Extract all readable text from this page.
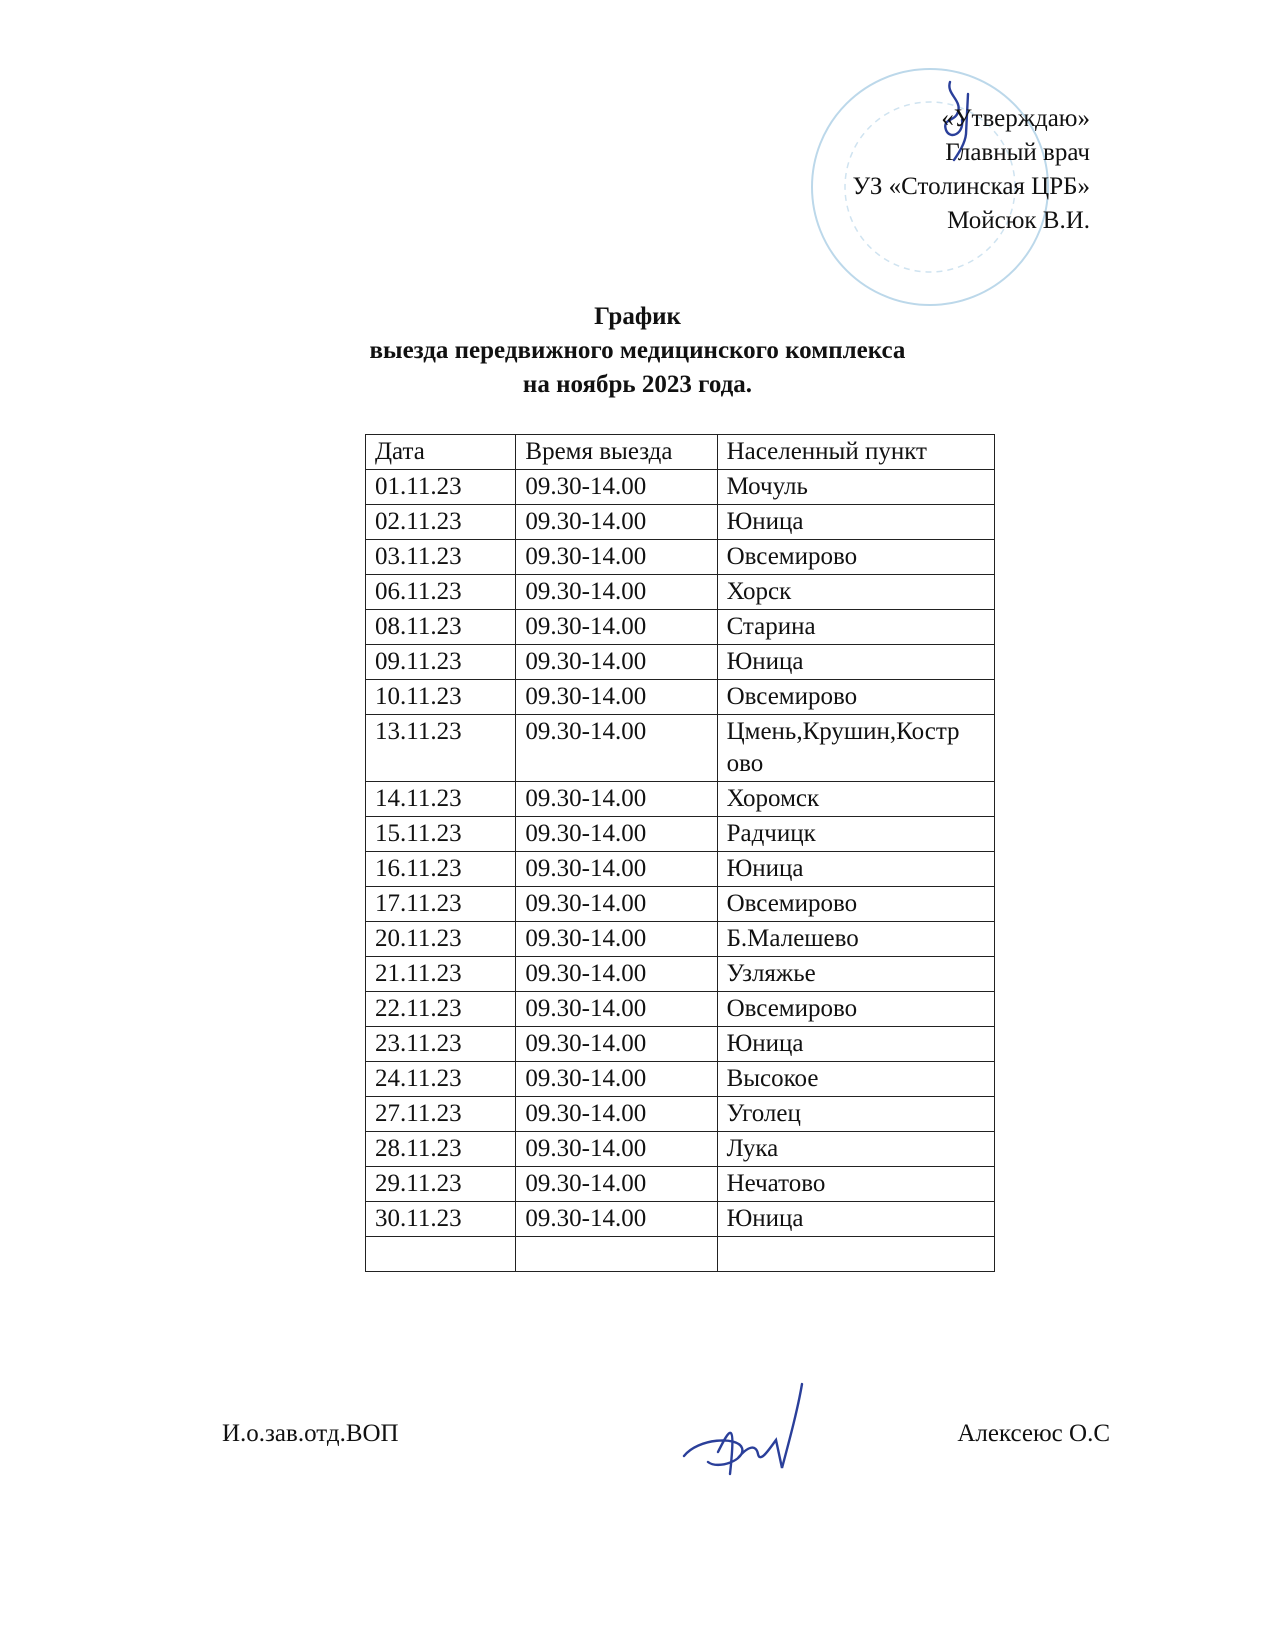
«Утверждаю»
Главный врач
УЗ «Столинская ЦРБ»
Мойсюк В.И.
График
выезда передвижного медицинского комплекса
на ноябрь 2023 года.
Дата	Время выезда	Населенный пункт
01.11.23	09.30-14.00	Мочуль
02.11.23	09.30-14.00	Юница
03.11.23	09.30-14.00	Овсемирово
06.11.23	09.30-14.00	Хорск
08.11.23	09.30-14.00	Старина
09.11.23	09.30-14.00	Юница
10.11.23	09.30-14.00	Овсемирово
13.11.23	09.30-14.00	Цмень,Крушин,Костр ово
14.11.23	09.30-14.00	Хоромск
15.11.23	09.30-14.00	Радчицк
16.11.23	09.30-14.00	Юница
17.11.23	09.30-14.00	Овсемирово
20.11.23	09.30-14.00	Б.Малешево
21.11.23	09.30-14.00	Узляжье
22.11.23	09.30-14.00	Овсемирово
23.11.23	09.30-14.00	Юница
24.11.23	09.30-14.00	Высокое
27.11.23	09.30-14.00	Уголец
28.11.23	09.30-14.00	Лука
29.11.23	09.30-14.00	Нечатово
30.11.23	09.30-14.00	Юница

И.о.зав.отд.ВОП	Алексеюс О.С
